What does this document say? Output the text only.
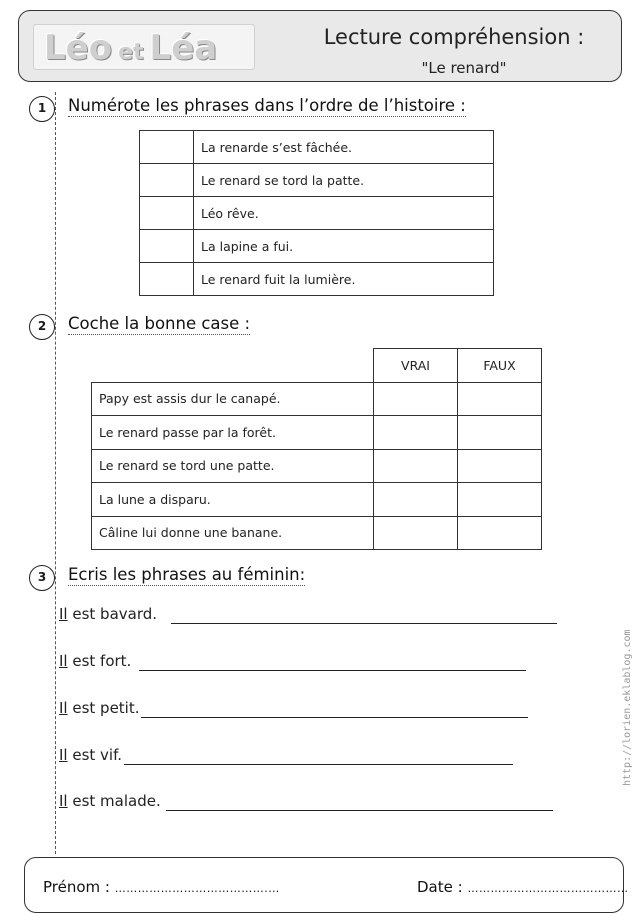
Léo et Léa	Lecture compréhension :
"Le renard"
1	Numérote les phrases dans l’ordre de l’histoire :
	La renarde s’est fâchée.
	Le renard se tord la patte.
	Léo rêve.
	La lapine a fui.
	Le renard fuit la lumière.
2	Coche la bonne case :
	VRAI	FAUX
Papy est assis dur le canapé.		
Le renard passe par la forêt.		
Le renard se tord une patte.		
La lune a disparu.		
Câline lui donne une banane.		
3	Ecris les phrases au féminin:
Il est bavard.
Il est fort.
Il est petit.
Il est vif.
Il est malade.
http://lorien.eklablog.com
Prénom : ………………………………….…	Date : ……………………………………
